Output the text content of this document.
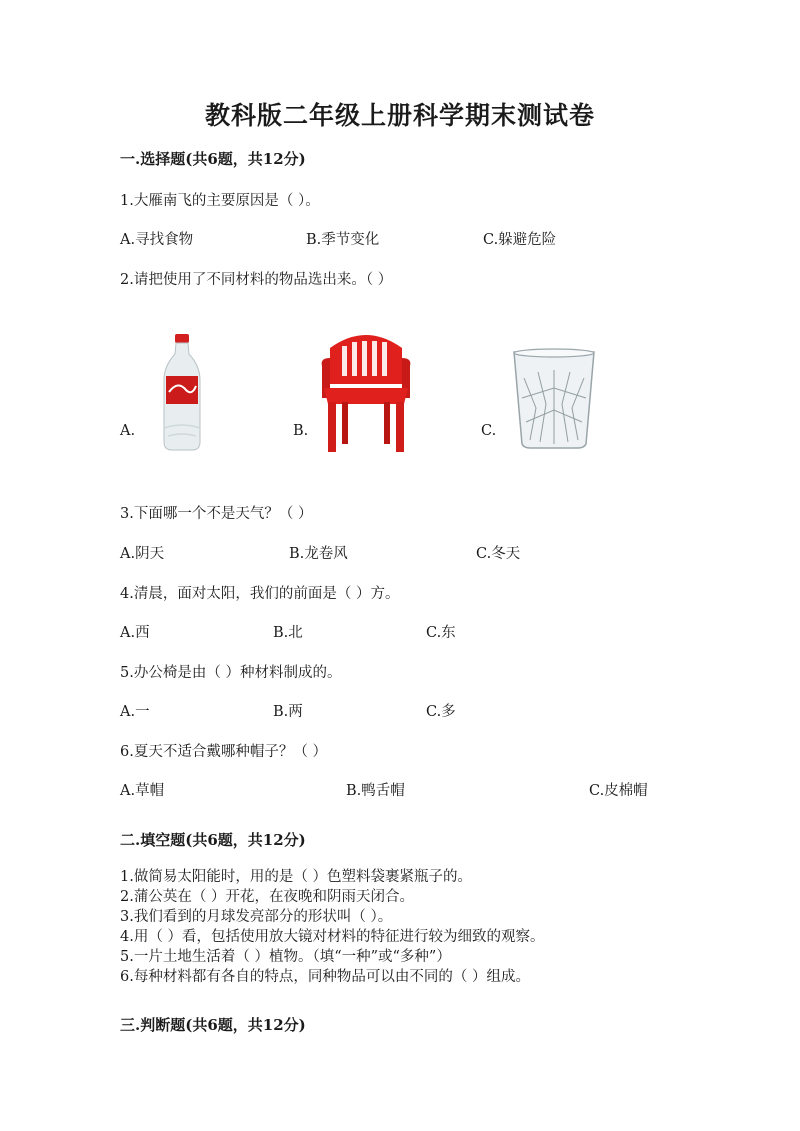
教科版二年级上册科学期末测试卷
一.选择题(共6题，共12分)
1.大雁南飞的主要原因是（ ）。
A.寻找食物	B.季节变化	C.躲避危险
2.请把使用了不同材料的物品选出来。（ ）
A.	B.	C.
3.下面哪一个不是天气？（ ）
A.阴天	B.龙卷风	C.冬天
4.清晨，面对太阳，我们的前面是（ ）方。
A.西	B.北	C.东
5.办公椅是由（ ）种材料制成的。
A.一	B.两	C.多
6.夏天不适合戴哪种帽子？（ ）
A.草帽	B.鸭舌帽	C.皮棉帽
二.填空题(共6题，共12分)
1.做简易太阳能时，用的是（ ）色塑料袋裹紧瓶子的。
2.蒲公英在（ ）开花，在夜晚和阴雨天闭合。
3.我们看到的月球发亮部分的形状叫（ ）。
4.用（ ）看，包括使用放大镜对材料的特征进行较为细致的观察。
5.一片土地生活着（ ）植物。（填“一种”或“多种”）
6.每种材料都有各自的特点，同种物品可以由不同的（ ）组成。
三.判断题(共6题，共12分)
